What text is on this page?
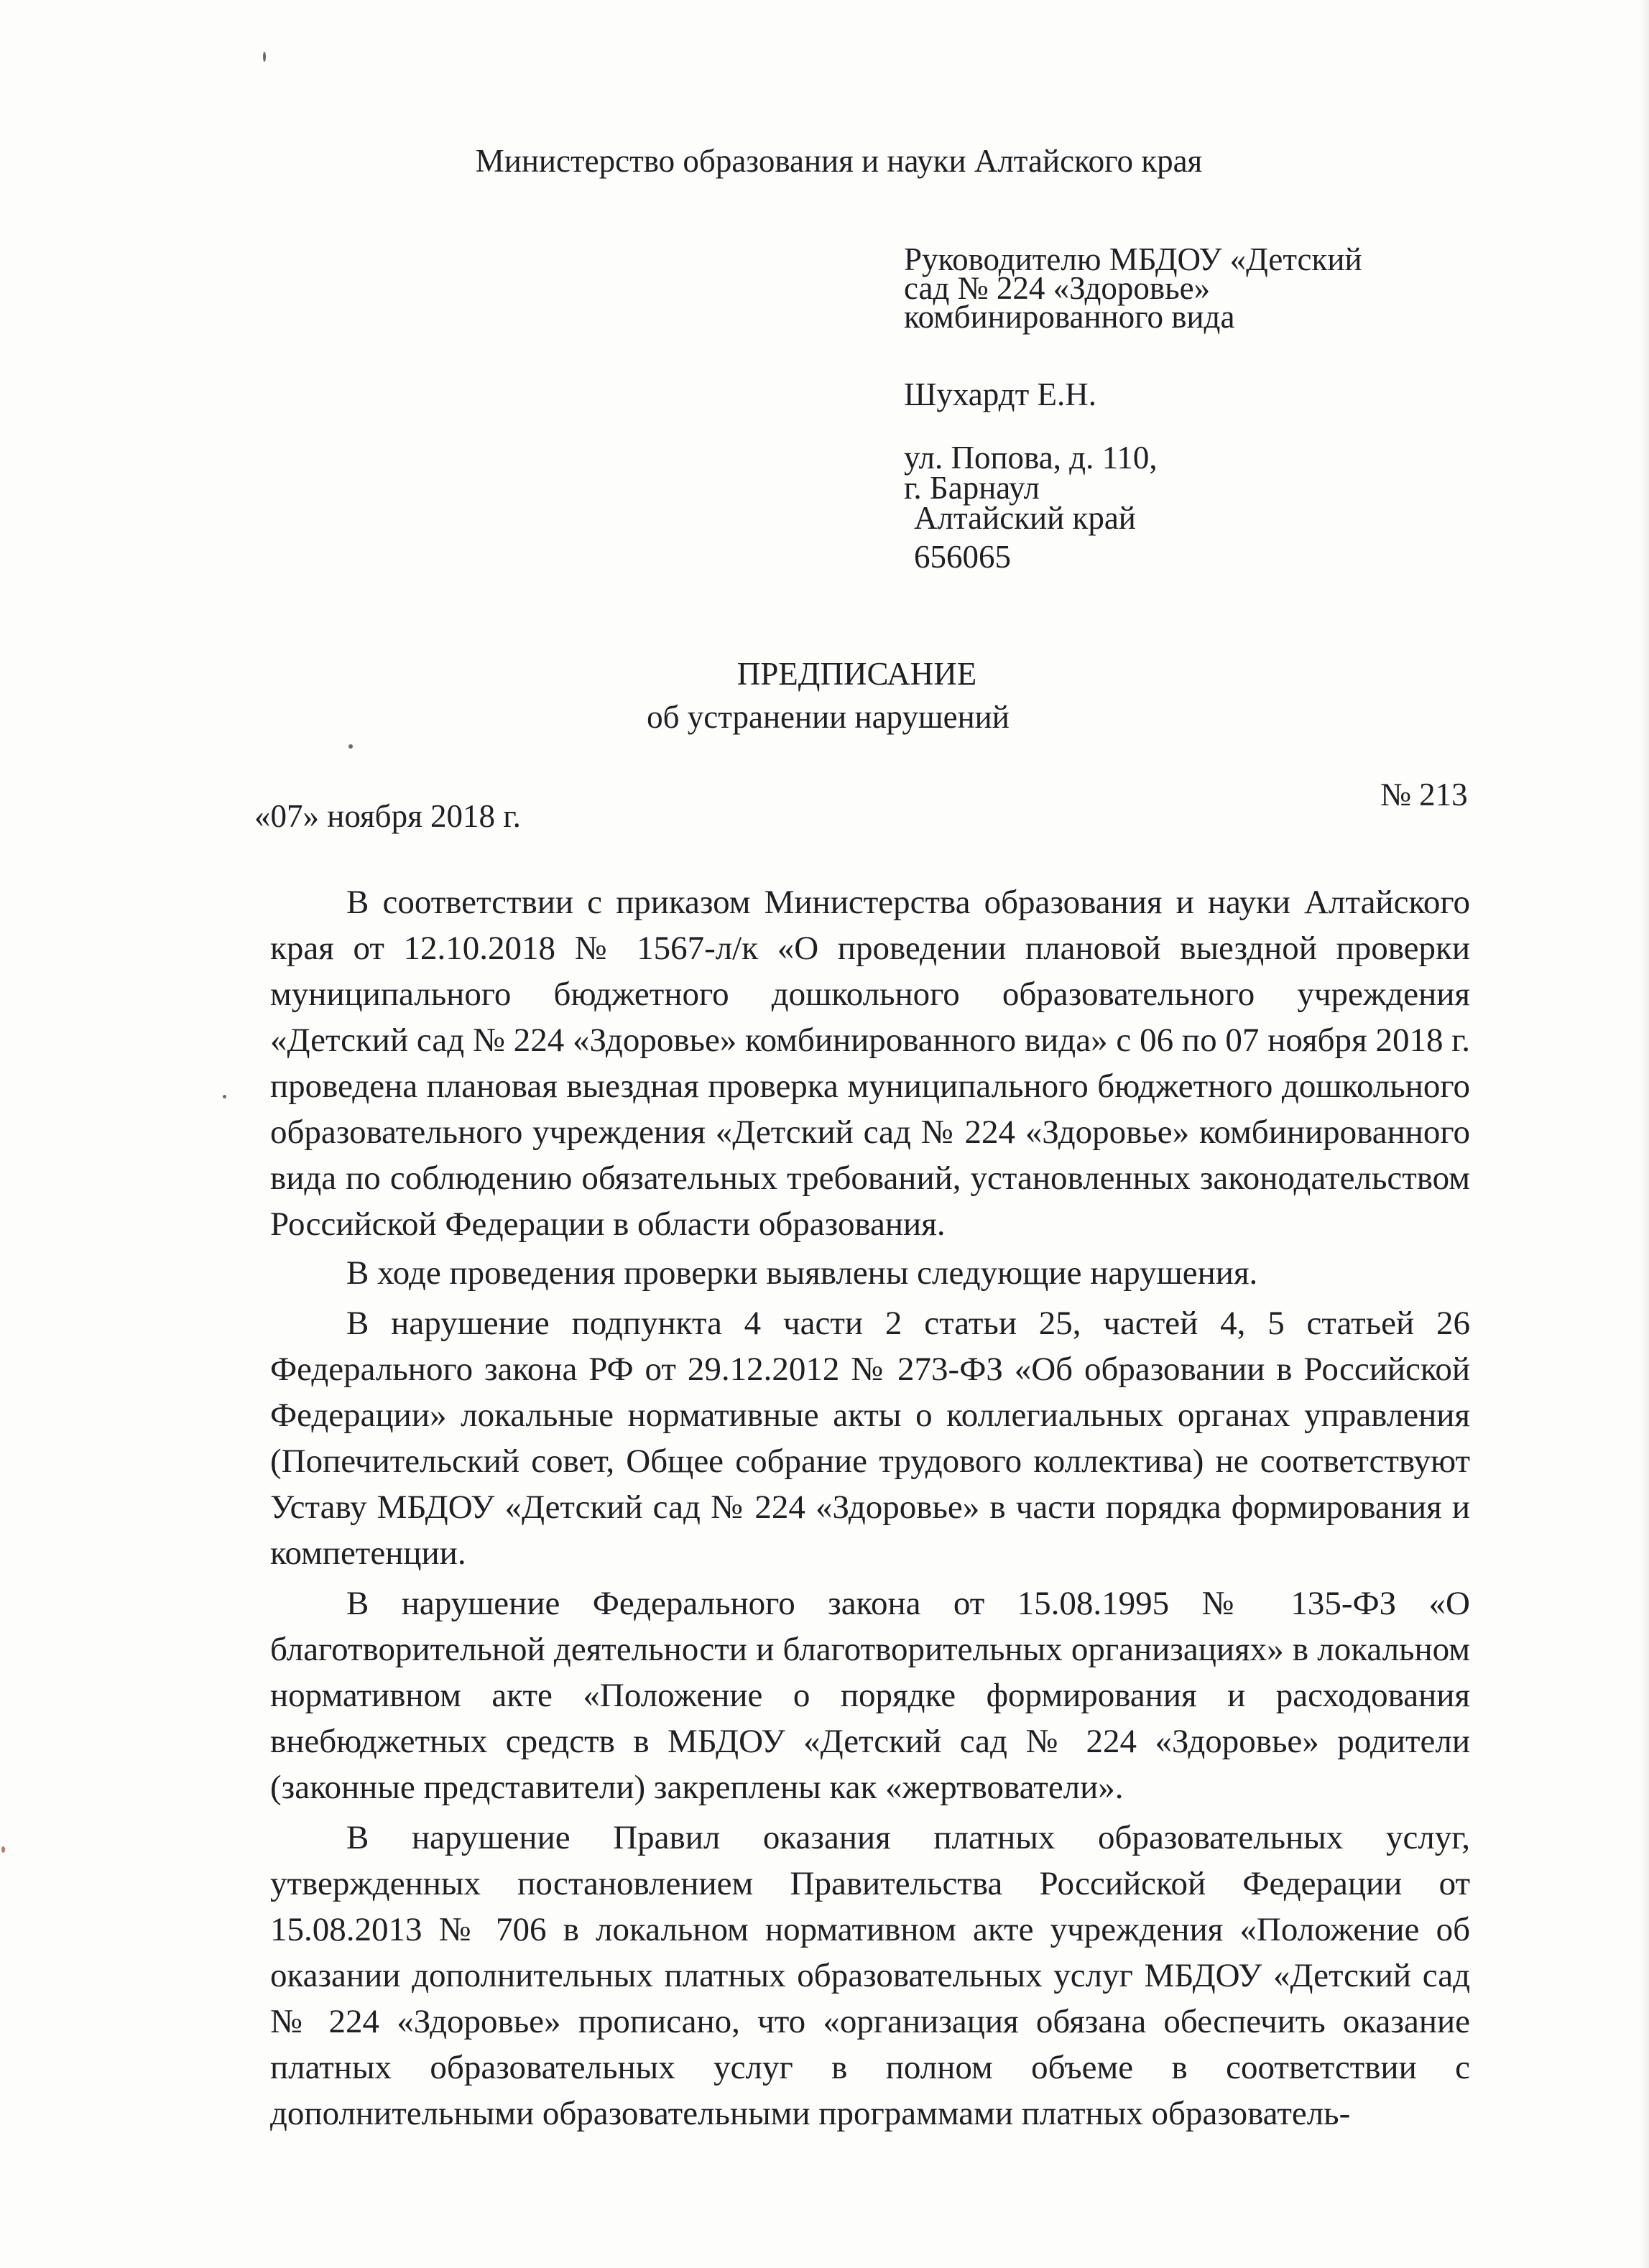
Министерство образования и науки Алтайского края
Руководителю МБДОУ «Детский
сад № 224 «Здоровье»
комбинированного вида
Шухардт Е.Н.
ул. Попова, д. 110,
г. Барнаул
Алтайский край
656065
ПРЕДПИСАНИЕ
об устранении нарушений
«07» ноября 2018 г.
№ 213

В соответствии с приказом Министерства образования и науки Алтайского края от 12.10.2018 № 1567-л/к «О проведении плановой выездной проверки муниципального бюджетного дошкольного образовательного учреждения «Детский сад № 224 «Здоровье» комбинированного вида» с 06 по 07 ноября 2018 г. проведена плановая выездная проверка муниципального бюджетного дошкольного образовательного учреждения «Детский сад № 224 «Здоровье» комбинированного вида по соблюдению обязательных требований, установленных законодательством Российской Федерации в области образования.

В ходе проведения проверки выявлены следующие нарушения.

В нарушение подпункта 4 части 2 статьи 25, частей 4, 5 статьей 26 Федерального закона РФ от 29.12.2012 № 273-ФЗ «Об образовании в Российской Федерации» локальные нормативные акты о коллегиальных органах управления (Попечительский совет, Общее собрание трудового коллектива) не соответствуют Уставу МБДОУ «Детский сад № 224 «Здоровье» в части порядка формирования и компетенции.

В нарушение Федерального закона от 15.08.1995 № 135-ФЗ «О благотворительной деятельности и благотворительных организациях» в локальном нормативном акте «Положение о порядке формирования и расходования внебюджетных средств в МБДОУ «Детский сад № 224 «Здоровье» родители (законные представители) закреплены как «жертвователи».

В нарушение Правил оказания платных образовательных услуг, утвержденных постановлением Правительства Российской Федерации от 15.08.2013 № 706 в локальном нормативном акте учреждения «Положение об оказании дополнительных платных образовательных услуг МБДОУ «Детский сад № 224 «Здоровье» прописано, что «организация обязана обеспечить оказание платных образовательных услуг в полном объеме в соответствии с дополнительными образовательными программами платных образователь-
